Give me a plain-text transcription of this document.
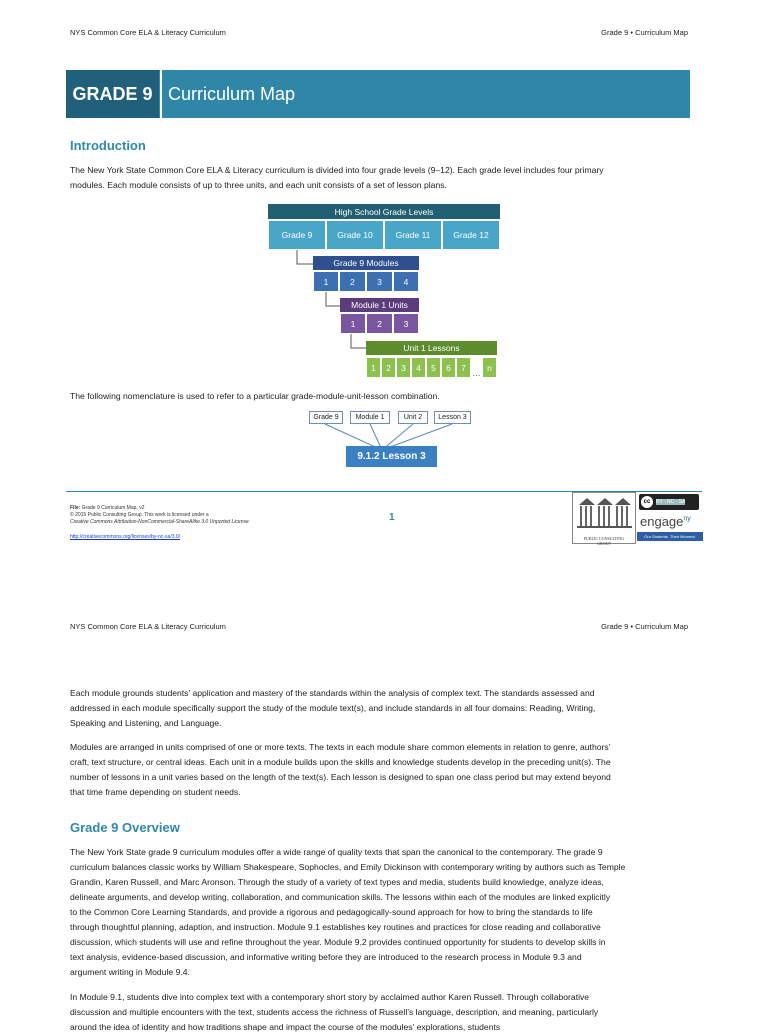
NYS Common Core ELA & Literacy Curriculum	Grade 9 • Curriculum Map
GRADE 9 Curriculum Map
Introduction
The New York State Common Core ELA & Literacy curriculum is divided into four grade levels (9–12). Each grade level includes four primary
modules. Each module consists of up to three units, and each unit consists of a set of lesson plans.
High School Grade Levels
Grade 9	Grade 10	Grade 11	Grade 12
Grade 9 Modules
1	2	3	4
Module 1 Units
1	2	3
Unit 1 Lessons
1	2	3	4	5	6	7
…
n
The following nomenclature is used to refer to a particular grade-module-unit-lesson combination.
Grade 9	Module 1	Unit 2	Lesson 3
9.1.2 Lesson 3
File: Grade 9 Curriculum Map, v2
© 2015 Public Consulting Group. This work is licensed under a
Creative Commons Attribution-NonCommercial-ShareAlike 3.0 Unported License
http://creativecommons.org/licenses/by-nc-sa/3.0/
1
PUBLIC CONSULTING GROUP
cc	BY - NC - SA
engage$^{ny}$
Our Students. Their Moment.
NYS Common Core ELA & Literacy Curriculum	Grade 9 • Curriculum Map
Each module grounds students’ application and mastery of the standards within the analysis of complex text. The standards assessed and
addressed in each module specifically support the study of the module text(s), and include standards in all four domains: Reading, Writing,
Speaking and Listening, and Language.
Modules are arranged in units comprised of one or more texts. The texts in each module share common elements in relation to genre, authors’
craft, text structure, or central ideas. Each unit in a module builds upon the skills and knowledge students develop in the preceding unit(s). The
number of lessons in a unit varies based on the length of the text(s). Each lesson is designed to span one class period but may extend beyond
that time frame depending on student needs.
Grade 9 Overview
The New York State grade 9 curriculum modules offer a wide range of quality texts that span the canonical to the contemporary. The grade 9
curriculum balances classic works by William Shakespeare, Sophocles, and Emily Dickinson with contemporary writing by authors such as Temple
Grandin, Karen Russell, and Marc Aronson. Through the study of a variety of text types and media, students build knowledge, analyze ideas,
delineate arguments, and develop writing, collaboration, and communication skills. The lessons within each of the modules are linked explicitly
to the Common Core Learning Standards, and provide a rigorous and pedagogically-sound approach for how to bring the standards to life
through thoughtful planning, adaption, and instruction. Module 9.1 establishes key routines and practices for close reading and collaborative
discussion, which students will use and refine throughout the year. Module 9.2 provides continued opportunity for students to develop skills in
text analysis, evidence-based discussion, and informative writing before they are introduced to the research process in Module 9.3 and
argument writing in Module 9.4.
In Module 9.1, students dive into complex text with a contemporary short story by acclaimed author Karen Russell. Through collaborative
discussion and multiple encounters with the text, students access the richness of Russell’s language, description, and meaning, particularly
around the idea of identity and how traditions shape and impact the course of the modules' explorations, students
